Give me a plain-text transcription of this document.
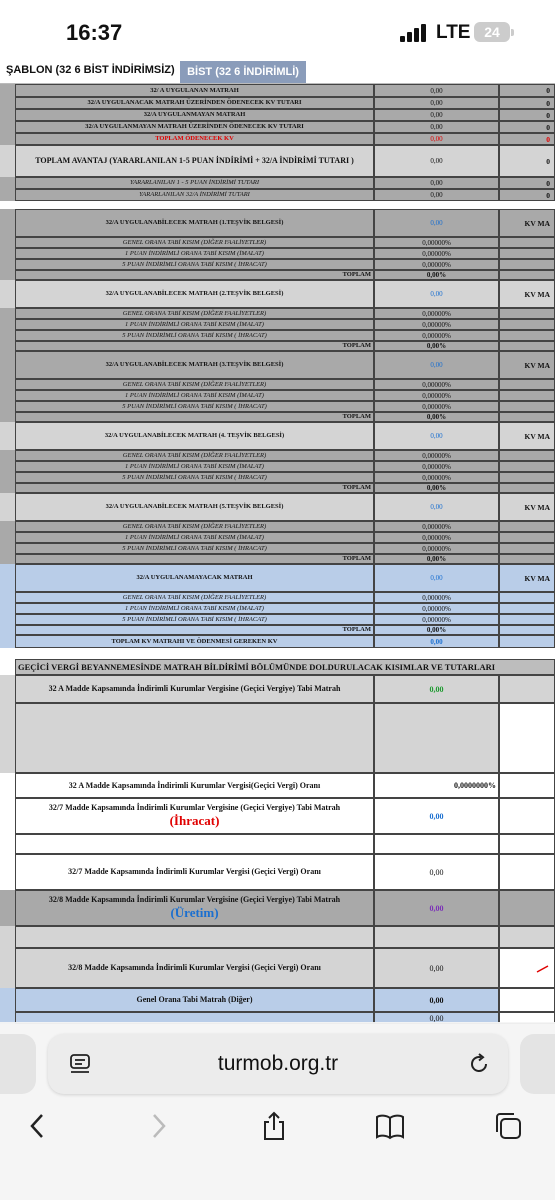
16:37	LTE 24
ŞABLON (32 6 BİST İNDİRİMSİZ)	BİST (32 6 İNDİRİMLİ)
32/ A UYGULANAN MATRAH	0,00	0
32/A UYGULANACAK MATRAH ÜZERİNDEN ÖDENECEK KV TUTARI	0,00	0
32/A UYGULANMAYAN MATRAH	0,00	0
32/A UYGULANMAYAN MATRAH ÜZERİNDEN ÖDENECEK KV TUTARI	0,00	0
TOPLAM ÖDENECEK KV	0,00	0
TOPLAM AVANTAJ (YARARLANILAN 1-5 PUAN İNDİRİMİ + 32/A İNDİRİMİ TUTARI )	0,00	0
YARARLANILAN 1 - 5 PUAN İNDİRİMİ TUTARI	0,00	0
YARARLANILAN 32/A İNDİRİMİ TUTARI	0,00	0
32/A UYGULANABİLECEK MATRAH (1.TEŞVİK BELGESİ)	0,00	KV MA
GENEL ORANA TABİ KISIM (DİĞER FAALİYETLER)	0,00000%
1 PUAN İNDİRİMLİ ORANA TABİ KISIM (İMALAT)	0,00000%
5 PUAN İNDİRİMLİ ORANA TABİ KISIM ( İHRACAT)	0,00000%
TOPLAM	0,00%
32/A UYGULANABİLECEK MATRAH (2.TEŞVİK BELGESİ)	0,00	KV MA
GENEL ORANA TABİ KISIM (DİĞER FAALİYETLER)	0,00000%
1 PUAN İNDİRİMLİ ORANA TABİ KISIM (İMALAT)	0,00000%
5 PUAN İNDİRİMLİ ORANA TABİ KISIM ( İHRACAT)	0,00000%
TOPLAM	0,00%
32/A UYGULANABİLECEK MATRAH (3.TEŞVİK BELGESİ)	0,00	KV MA
GENEL ORANA TABİ KISIM (DİĞER FAALİYETLER)	0,00000%
1 PUAN İNDİRİMLİ ORANA TABİ KISIM (İMALAT)	0,00000%
5 PUAN İNDİRİMLİ ORANA TABİ KISIM ( İHRACAT)	0,00000%
TOPLAM	0,00%
32/A UYGULANABİLECEK MATRAH (4. TEŞVİK BELGESİ)	0,00	KV MA
GENEL ORANA TABİ KISIM (DİĞER FAALİYETLER)	0,00000%
1 PUAN İNDİRİMLİ ORANA TABİ KISIM (İMALAT)	0,00000%
5 PUAN İNDİRİMLİ ORANA TABİ KISIM ( İHRACAT)	0,00000%
TOPLAM	0,00%
32/A UYGULANABİLECEK MATRAH (5.TEŞVİK BELGESİ)	0,00	KV MA
GENEL ORANA TABİ KISIM (DİĞER FAALİYETLER)	0,00000%
1 PUAN İNDİRİMLİ ORANA TABİ KISIM (İMALAT)	0,00000%
5 PUAN İNDİRİMLİ ORANA TABİ KISIM ( İHRACAT)	0,00000%
TOPLAM	0,00%
32/A UYGULANAMAYACAK MATRAH	0,00	KV MA
GENEL ORANA TABİ KISIM (DİĞER FAALİYETLER)	0,00000%
1 PUAN İNDİRİMLİ ORANA TABİ KISIM (İMALAT)	0,00000%
5 PUAN İNDİRİMLİ ORANA TABİ KISIM ( İHRACAT)	0,00000%
TOPLAM	0,00%
TOPLAM KV MATRAHI VE ÖDENMESİ GEREKEN KV	0,00
GEÇİCİ VERGİ BEYANNEMESİNDE MATRAH BİLDİRİMİ BÖLÜMÜNDE DOLDURULACAK KISIMLAR VE TUTARLARI
32 A Madde Kapsamında İndirimli Kurumlar Vergisine (Geçici Vergiye) Tabi Matrah	0,00
32 A Madde Kapsamında İndirimli Kurumlar Vergisi(Geçici Vergi) Oranı	0,0000000%
32/7 Madde Kapsamında İndirimli Kurumlar Vergisine (Geçici Vergiye) Tabi Matrah
(İhracat)	0,00
32/7 Madde Kapsamında İndirimli Kurumlar Vergisi (Geçici Vergi) Oranı	0,00
32/8 Madde Kapsamında İndirimli Kurumlar Vergisine (Geçici Vergiye) Tabi Matrah
(Üretim)	0,00
32/8 Madde Kapsamında İndirimli Kurumlar Vergisi (Geçici Vergi) Oranı	0,00
Genel Orana Tabi Matrah (Diğer)	0,00
0,00
turmob.org.tr
